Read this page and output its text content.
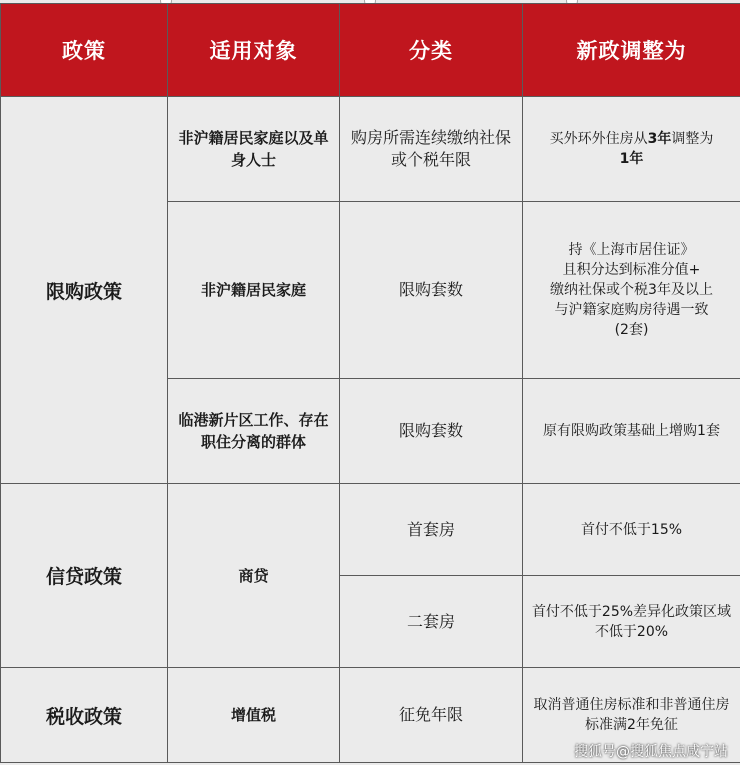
政策	适用对象	分类	新政调整为
限购政策	非沪籍居民家庭以及单身人士	购房所需连续缴纳社保或个税年限	买外环外住房从3年调整为
1年
	非沪籍居民家庭	限购套数	持《上海市居住证》
且积分达到标准分值+
缴纳社保或个税3年及以上
与沪籍家庭购房待遇一致
(2套)

	临港新片区工作、存在职住分离的群体	限购套数	原有限购政策基础上增购1套
信贷政策	商贷	首套房	首付不低于15%
		二套房	首付不低于25%差异化政策区域不低于20%
税收政策	增值税	征免年限	取消普通住房标准和非普通住房标准满2年免征
搜狐号@搜狐焦点咸宁站
